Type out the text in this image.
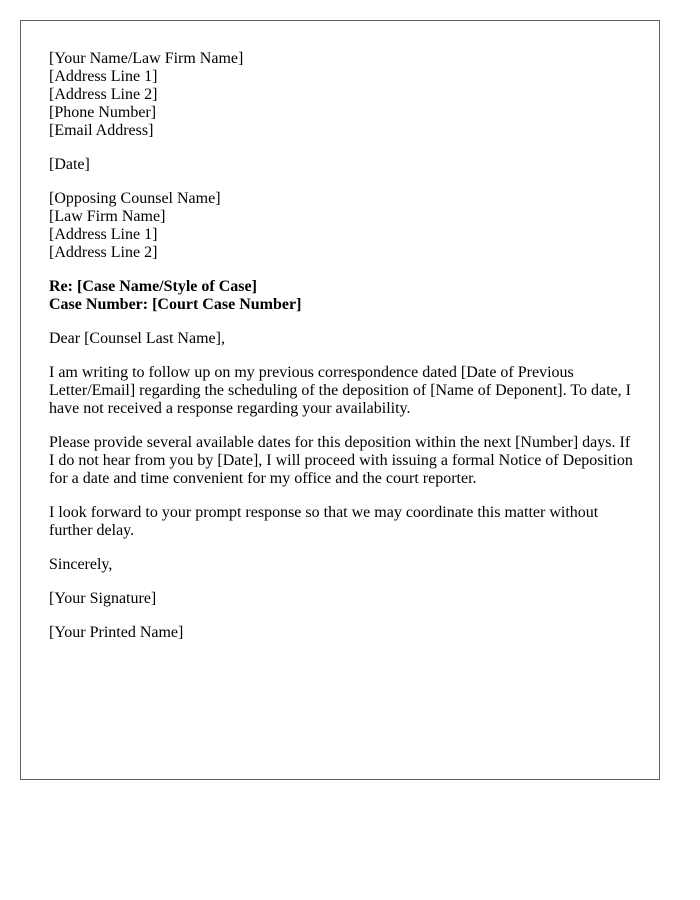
[Your Name/Law Firm Name]
[Address Line 1]
[Address Line 2]
[Phone Number]
[Email Address]
[Date]
[Opposing Counsel Name]
[Law Firm Name]
[Address Line 1]
[Address Line 2]
Re: [Case Name/Style of Case]
Case Number: [Court Case Number]
Dear [Counsel Last Name],
I am writing to follow up on my previous correspondence dated [Date of Previous
Letter/Email] regarding the scheduling of the deposition of [Name of Deponent]. To date, I
have not received a response regarding your availability.
Please provide several available dates for this deposition within the next [Number] days. If
I do not hear from you by [Date], I will proceed with issuing a formal Notice of Deposition
for a date and time convenient for my office and the court reporter.
I look forward to your prompt response so that we may coordinate this matter without
further delay.
Sincerely,
[Your Signature]
[Your Printed Name]
